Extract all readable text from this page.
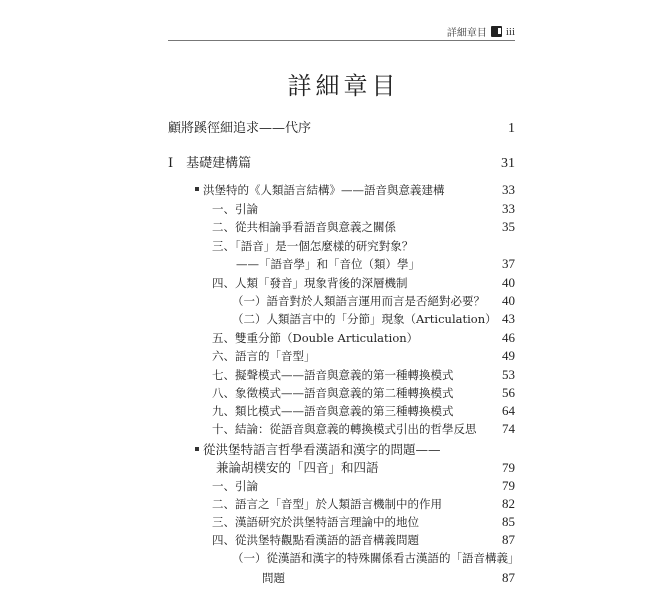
詳細章目 iii
詳細章目
顧將蹊徑細追求——代序	1
I　基礎建構篇	31
洪堡特的《人類語言結構》——語音與意義建構	33
一、引論	33
二、從共相論爭看語音與意義之關係	35
三、「語音」是一個怎麼樣的研究對象？
——「語音學」和「音位（類）學」	37
四、人類「發音」現象背後的深層機制	40
（一）語音對於人類語言運用而言是否絕對必要？ 40
（二）人類語言中的「分節」現象（Articulation） 43
五、雙重分節（Double Articulation）	46
六、語言的「音型」	49
七、擬聲模式——語音與意義的第一種轉換模式	53
八、象徵模式——語音與意義的第二種轉換模式	56
九、類比模式——語音與意義的第三種轉換模式	64
十、結論：從語音與意義的轉換模式引出的哲學反思 74
從洪堡特語言哲學看漢語和漢字的問題——
兼論胡樸安的「四音」和四語	79
一、引論	79
二、語言之「音型」於人類語言機制中的作用	82
三、漢語研究於洪堡特語言理論中的地位	85
四、從洪堡特觀點看漢語的語音構義問題	87
（一）從漢語和漢字的特殊關係看古漢語的「語音構義」
問題	87
